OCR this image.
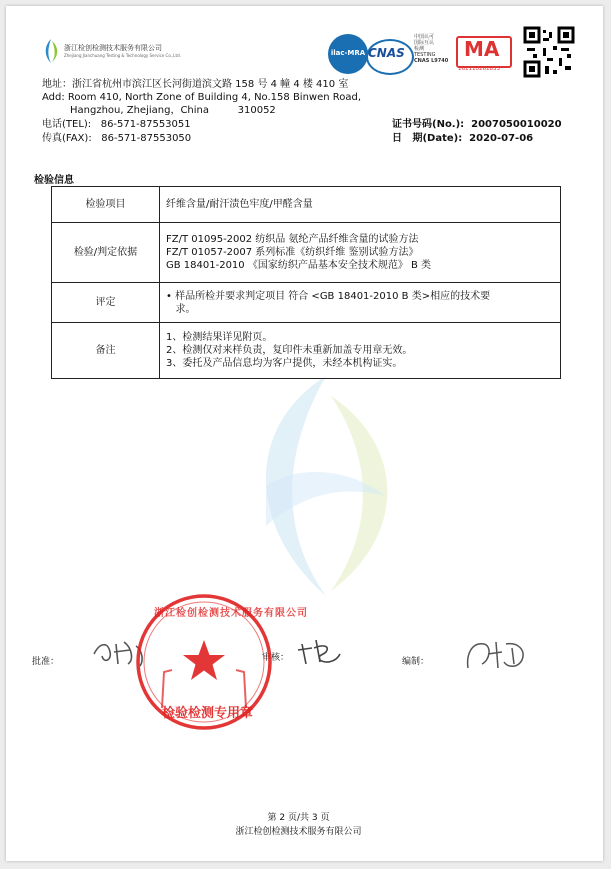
浙江检创检测技术服务有限公司
Zhejiang Jianchuang Testing & Technology Service Co.,Ltd.	ilac-MRA CNAS
中国认可
国际互认
检测
TESTING
CNAS L9740 MA
161110261833
地址：浙江省杭州市滨江区长河街道滨文路 158 号 4 幢 4 楼 410 室
Add: Room 410, North Zone of Building 4, No.158 Binwen Road,
Hangzhou, Zhejiang，China         310052
电话(TEL):   86-571-87553051
传真(FAX):   86-571-87553050
证书号码(No.):  2007050010020
日   期(Date):  2020-07-06
检验信息
检验项目	纤维含量/耐汗渍色牢度/甲醛含量

检验/判定依据	FZ/T 01095-2002 纺织品 氨纶产品纤维含量的试验方法
FZ/T 01057-2007 系列标准《纺织纤维 鉴别试验方法》
GB 18401-2010 《国家纺织产品基本安全技术规范》 B 类

评定	• 样品所检并要求判定项目 符合 <GB 18401-2010 B 类>相应的技术要
求。

备注	1、检测结果详见附页。
2、检测仅对来样负责，复印件未重新加盖专用章无效。
3、委托及产品信息均为客户提供，未经本机构证实。
批准：	审核：	编制：
浙江检创检测技术服务有限公司
检验检测专用章
第 2 页/共 3 页
浙江检创检测技术服务有限公司
